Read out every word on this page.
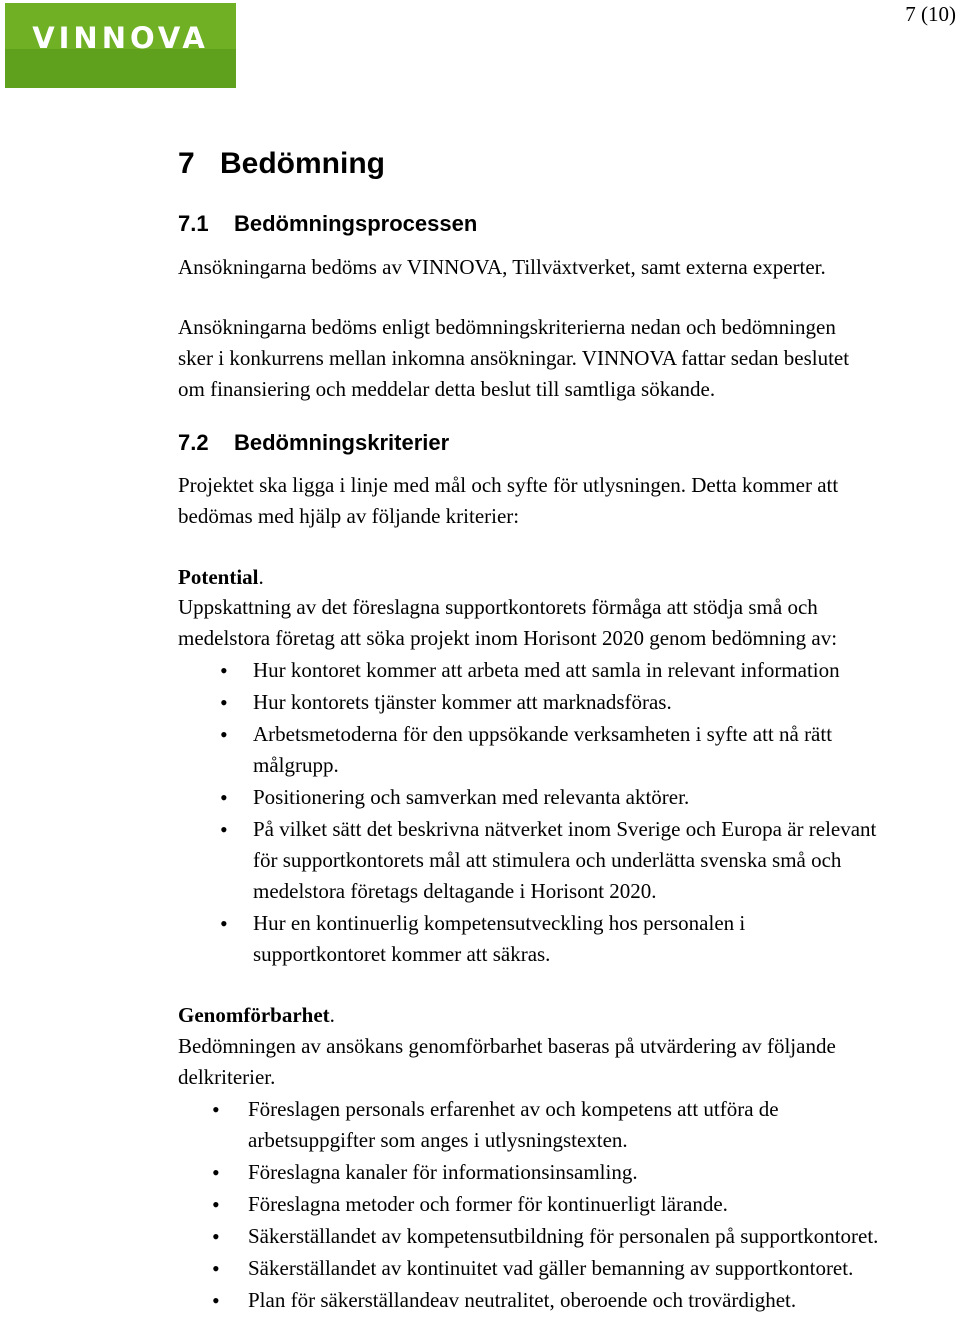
VINNOVA
7 (10)
7 Bedömning
7.1 Bedömningsprocessen

Ansökningarna bedöms av VINNOVA, Tillväxtverket, samt externa experter.

Ansökningarna bedöms enligt bedömningskriterierna nedan och bedömningen
sker i konkurrens mellan inkomna ansökningar. VINNOVA fattar sedan beslutet
om finansiering och meddelar detta beslut till samtliga sökande.

7.2 Bedömningskriterier

Projektet ska ligga i linje med mål och syfte för utlysningen. Detta kommer att
bedömas med hjälp av följande kriterier:

Potential.

Uppskattning av det föreslagna supportkontorets förmåga att stödja små och
medelstora företag att söka projekt inom Horisont 2020 genom bedömning av:

• Hur kontoret kommer att arbeta med att samla in relevant information
• Hur kontorets tjänster kommer att marknadsföras.
• Arbetsmetoderna för den uppsökande verksamheten i syfte att nå rätt
målgrupp.
• Positionering och samverkan med relevanta aktörer.
• På vilket sätt det beskrivna nätverket inom Sverige och Europa är relevant
för supportkontorets mål att stimulera och underlätta svenska små och
medelstora företags deltagande i Horisont 2020.
• Hur en kontinuerlig kompetensutveckling hos personalen i
supportkontoret kommer att säkras.

Genomförbarhet.

Bedömningen av ansökans genomförbarhet baseras på utvärdering av följande
delkriterier.

• Föreslagen personals erfarenhet av och kompetens att utföra de
arbetsuppgifter som anges i utlysningstexten.
• Föreslagna kanaler för informationsinsamling.
• Föreslagna metoder och former för kontinuerligt lärande.
• Säkerställandet av kompetensutbildning för personalen på supportkontoret.
• Säkerställandet av kontinuitet vad gäller bemanning av supportkontoret.
• Plan för säkerställandeav neutralitet, oberoende och trovärdighet.
